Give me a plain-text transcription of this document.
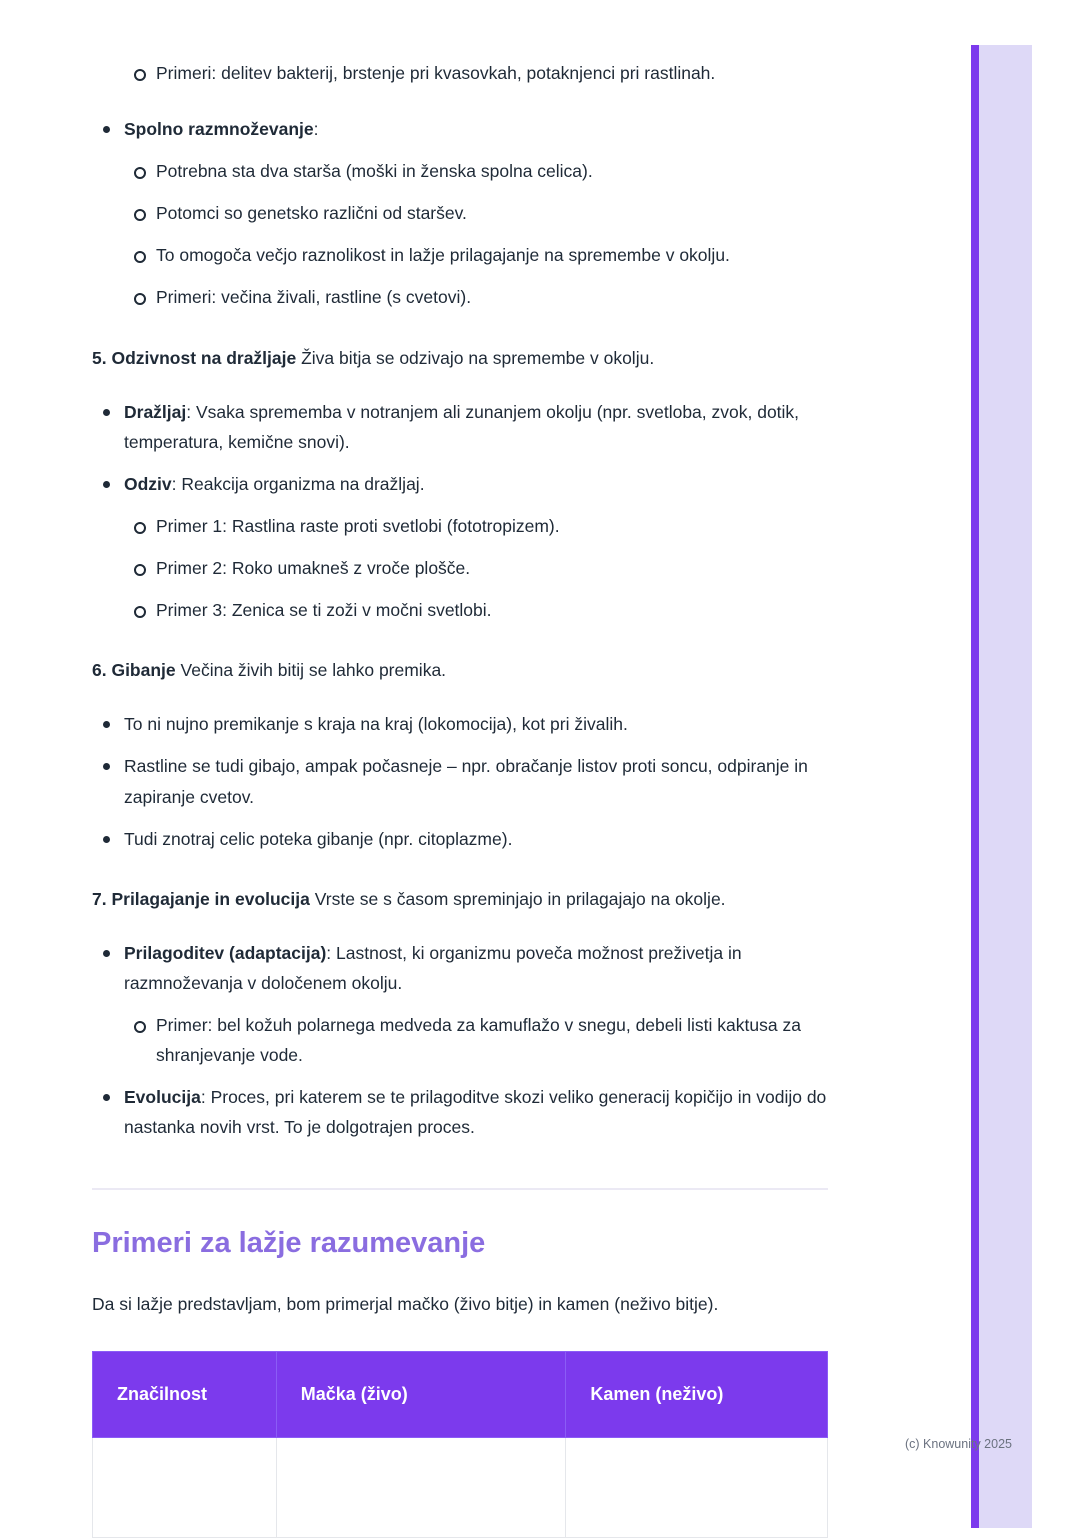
Primeri: delitev bakterij, brstenje pri kvasovkah, potaknjenci pri rastlinah.
Spolno razmnoževanje:
Potrebna sta dva starša (moški in ženska spolna celica).
Potomci so genetsko različni od staršev.
To omogoča večjo raznolikost in lažje prilagajanje na spremembe v okolju.
Primeri: večina živali, rastline (s cvetovi).

5. Odzivnost na dražljaje Živa bitja se odzivajo na spremembe v okolju.

Dražljaj: Vsaka sprememba v notranjem ali zunanjem okolju (npr. svetloba, zvok, dotik, temperatura, kemične snovi).
Odziv: Reakcija organizma na dražljaj.
Primer 1: Rastlina raste proti svetlobi (fototropizem).
Primer 2: Roko umakneš z vroče plošče.
Primer 3: Zenica se ti zoži v močni svetlobi.

6. Gibanje Večina živih bitij se lahko premika.

To ni nujno premikanje s kraja na kraj (lokomocija), kot pri živalih.
Rastline se tudi gibajo, ampak počasneje – npr. obračanje listov proti soncu, odpiranje in zapiranje cvetov.
Tudi znotraj celic poteka gibanje (npr. citoplazme).

7. Prilagajanje in evolucija Vrste se s časom spreminjajo in prilagajajo na okolje.

Prilagoditev (adaptacija): Lastnost, ki organizmu poveča možnost preživetja in razmnoževanja v določenem okolju.
Primer: bel kožuh polarnega medveda za kamuflažo v snegu, debeli listi kaktusa za shranjevanje vode.
Evolucija: Proces, pri katerem se te prilagoditve skozi veliko generacij kopičijo in vodijo do nastanka novih vrst. To je dolgotrajen proces.
Primeri za lažje razumevanje

Da si lažje predstavljam, bom primerjal mačko (živo bitje) in kamen (neživo bitje).

Značilnost	Mačka (živo)	Kamen (neživo)

(c) Knowunity 2025
